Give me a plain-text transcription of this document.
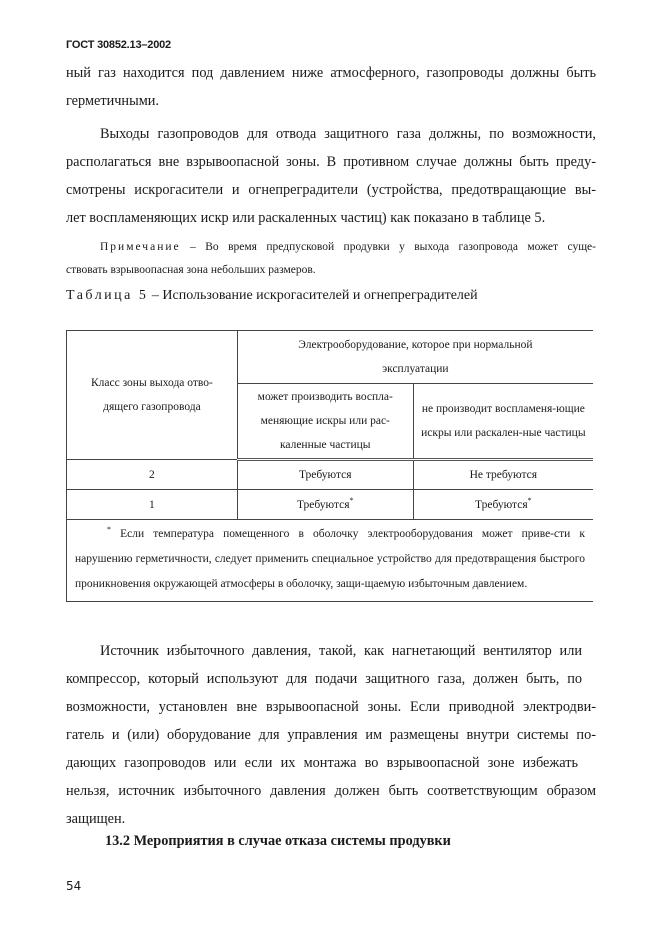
ГОСТ 30852.13–2002
ный газ находится под давлением ниже атмосферного, газопроводы должны быть
герметичными.
Выходы газопроводов для отвода защитного газа должны, по возможности,
располагаться вне взрывоопасной зоны. В противном случае должны быть преду-
смотрены искрогасители и огнепреградители (устройства, предотвращающие вы-
лет воспламеняющих искр или раскаленных частиц) как показано в таблице 5.
Примечание – Во время предпусковой продувки у выхода газопровода может суще-
ствовать взрывоопасная зона небольших размеров.
Таблица 5 – Использование искрогасителей и огнепреградителей
Класс зоны выхода отво-дящего газопровода	Электрооборудование, которое при нормальной эксплуатации	
	может производить воспла-меняющие искры или рас-каленные частицы	не производит воспламеня-ющие искры или раскален-ные частицы
2	Требуются	Не требуются
1	Требуются*	Требуются*
* Если температура помещенного в оболочку электрооборудования может приве-сти к нарушению герметичности, следует применить специальное устройство для предотвращения быстрого проникновения окружающей атмосферы в оболочку, защи-щаемую избыточным давлением.		
Источник избыточного давления, такой, как нагнетающий вентилятор или
компрессор, который используют для подачи защитного газа, должен быть, по
возможности, установлен вне взрывоопасной зоны. Если приводной электродви-
гатель и (или) оборудование для управления им размещены внутри системы по-
дающих газопроводов или если их монтажа во взрывоопасной зоне избежать
нельзя, источник избыточного давления должен быть соответствующим образом
защищен.
13.2 Мероприятия в случае отказа системы продувки
54
